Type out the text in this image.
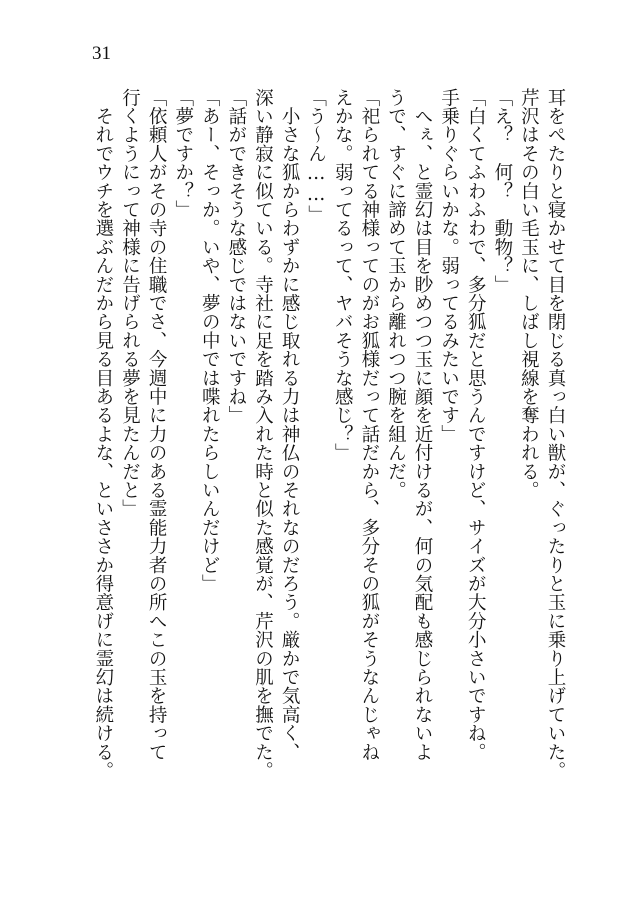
31
耳をぺたりと寝かせて目を閉じる真っ白い獣が、ぐったりと玉に乗り上げていた。
芹沢はその白い毛玉に、しばし視線を奪われる。
「え？　何？　動物？」
「白くてふわふわで、多分狐だと思うんですけど、サイズが大分小さいですね。
手乗りぐらいかな。弱ってるみたいです」
　へぇ、と霊幻は目を眇めつつ玉に顔を近付けるが、何の気配も感じられないよ
うで、すぐに諦めて玉から離れつつ腕を組んだ。
「祀られてる神様ってのがお狐様だって話だから、多分その狐がそうなんじゃね
えかな。弱ってるって、ヤバそうな感じ？」
「う～ん……」
　小さな狐からわずかに感じ取れる力は神仏のそれなのだろう。厳かで気高く、
深い静寂に似ている。寺社に足を踏み入れた時と似た感覚が、芹沢の肌を撫でた。
「話ができそうな感じではないですね」
「あー、そっか。いや、夢の中では喋れたらしいんだけど」
「夢ですか？」
「依頼人がその寺の住職でさ、今週中に力のある霊能力者の所へこの玉を持って
行くようにって神様に告げられる夢を見たんだと」
　それでウチを選ぶんだから見る目あるよな、といささか得意げに霊幻は続ける。
